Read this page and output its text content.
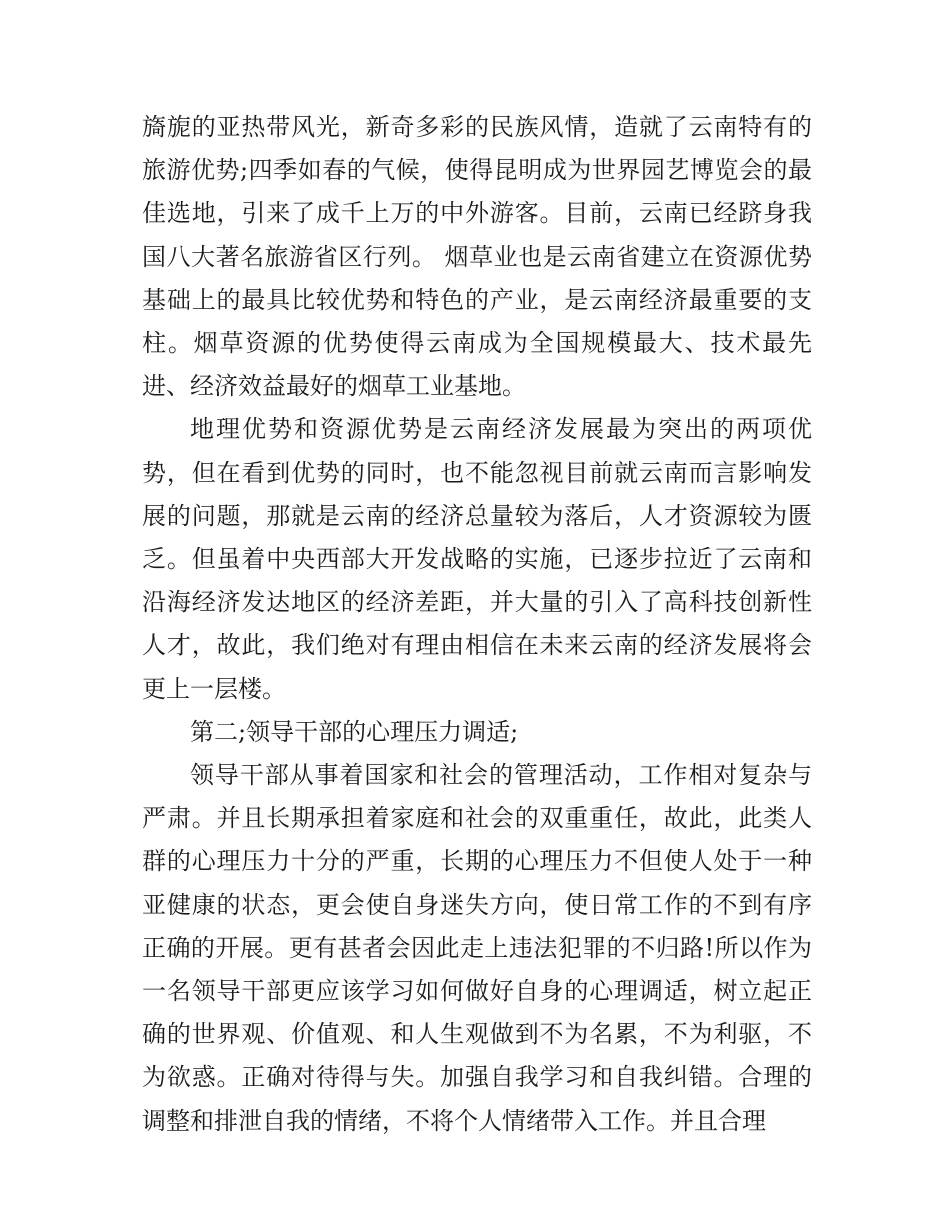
旖旎的亚热带风光，新奇多彩的民族风情，造就了云南特有的旅游优势;四季如春的气候，使得昆明成为世界园艺博览会的最佳选地，引来了成千上万的中外游客。目前，云南已经跻身我国八大著名旅游省区行列。 烟草业也是云南省建立在资源优势基础上的最具比较优势和特色的产业，是云南经济最重要的支柱。烟草资源的优势使得云南成为全国规模最大、技术最先进、经济效益最好的烟草工业基地。

地理优势和资源优势是云南经济发展最为突出的两项优势，但在看到优势的同时，也不能忽视目前就云南而言影响发展的问题，那就是云南的经济总量较为落后，人才资源较为匮乏。但虽着中央西部大开发战略的实施，已逐步拉近了云南和沿海经济发达地区的经济差距，并大量的引入了高科技创新性人才，故此，我们绝对有理由相信在未来云南的经济发展将会更上一层楼。

第二;领导干部的心理压力调适;

领导干部从事着国家和社会的管理活动，工作相对复杂与严肃。并且长期承担着家庭和社会的双重重任，故此，此类人群的心理压力十分的严重，长期的心理压力不但使人处于一种亚健康的状态，更会使自身迷失方向，使日常工作的不到有序正确的开展。更有甚者会因此走上违法犯罪的不归路!所以作为一名领导干部更应该学习如何做好自身的心理调适，树立起正确的世界观、价值观、和人生观做到不为名累，不为利驱，不为欲惑。正确对待得与失。加强自我学习和自我纠错。合理的调整和排泄自我的情绪，不将个人情绪带入工作。并且合理
